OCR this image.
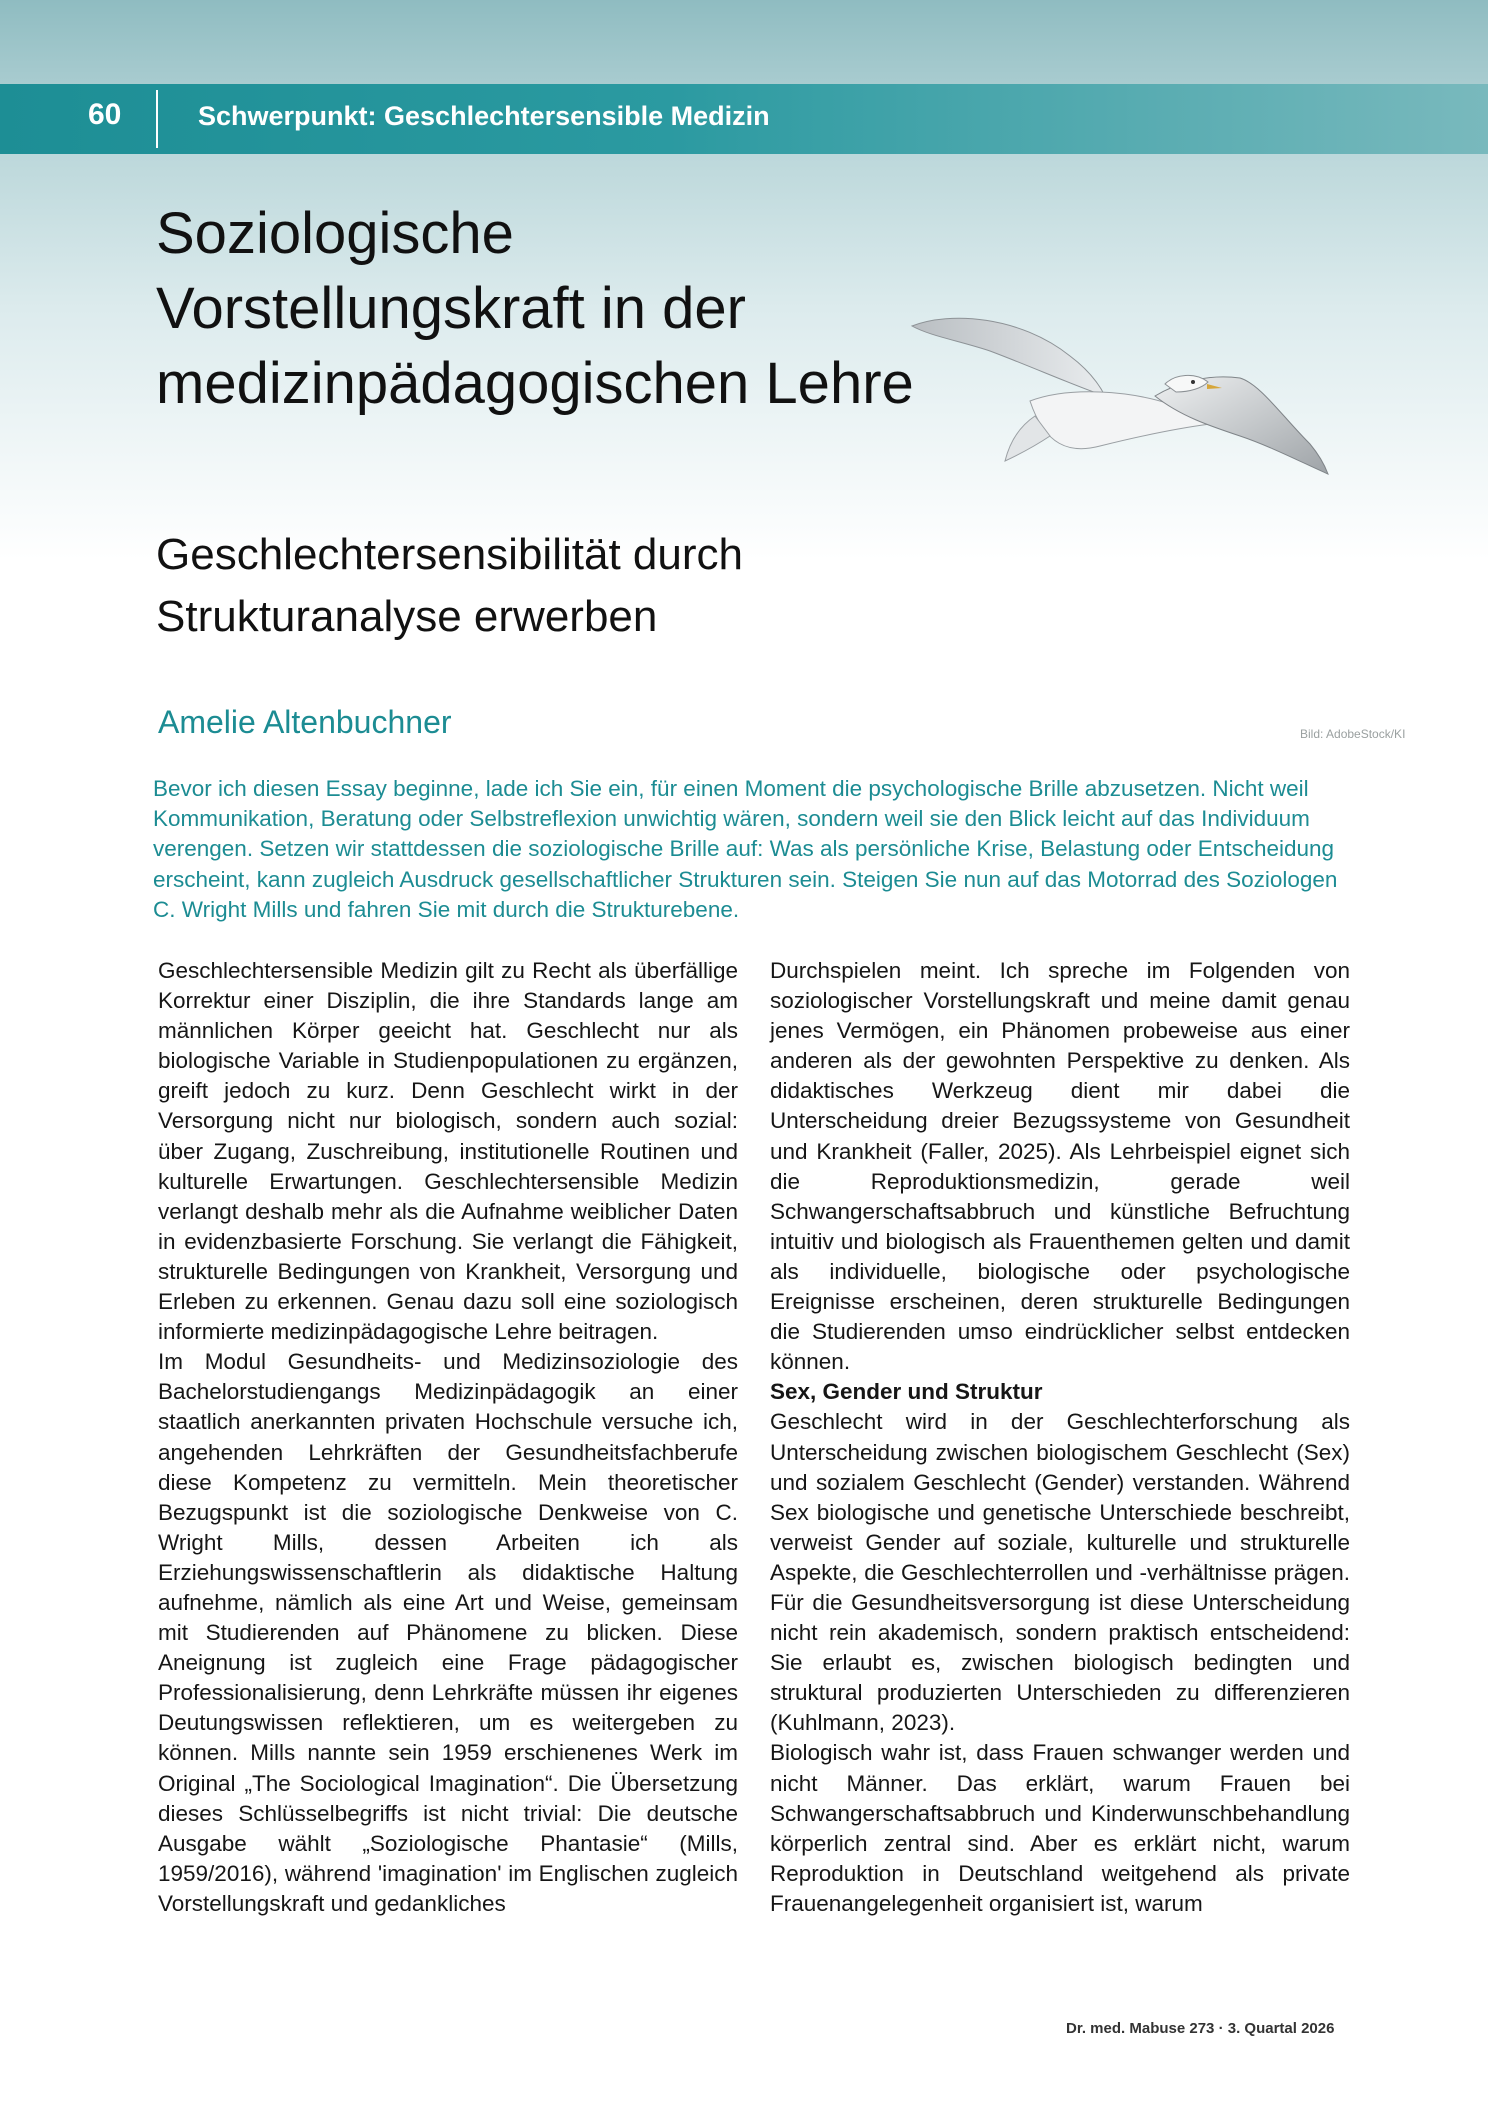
60	Schwerpunkt: Geschlechtersensible Medizin
Soziologische Vorstellungskraft in der medizinpädagogischen Lehre
Geschlechtersensibilität durch Strukturanalyse erwerben
Amelie Altenbuchner	Bild: AdobeStock/KI

Bevor ich diesen Essay beginne, lade ich Sie ein, für einen Moment die psychologische Brille abzusetzen. Nicht weil Kommunikation, Beratung oder Selbstreflexion unwichtig wären, sondern weil sie den Blick leicht auf das Individuum verengen. Setzen wir stattdessen die soziologische Brille auf: Was als persönliche Krise, Belastung oder Entscheidung erscheint, kann zugleich Ausdruck gesellschaftlicher Strukturen sein. Steigen Sie nun auf das Motorrad des Soziologen C. Wright Mills und fahren Sie mit durch die Strukturebene.

Geschlechtersensible Medizin gilt zu Recht als überfällige Korrektur einer Disziplin, die ihre Standards lange am männlichen Körper geeicht hat. Geschlecht nur als biologische Variable in Studienpopulationen zu ergänzen, greift jedoch zu kurz. Denn Geschlecht wirkt in der Versorgung nicht nur biologisch, sondern auch sozial: über Zugang, Zuschreibung, institutionelle Routinen und kulturelle Erwartungen. Geschlechtersensible Medizin verlangt deshalb mehr als die Aufnahme weiblicher Daten in evidenzbasierte Forschung. Sie verlangt die Fähigkeit, strukturelle Bedingungen von Krankheit, Versorgung und Erleben zu erkennen. Genau dazu soll eine soziologisch informierte medizinpädagogische Lehre beitragen.

Im Modul Gesundheits- und Medizinsoziologie des Bachelorstudiengangs Medizinpädagogik an einer staatlich anerkannten privaten Hochschule versuche ich, angehenden Lehrkräften der Gesundheitsfachberufe diese Kompetenz zu vermitteln. Mein theoretischer Bezugspunkt ist die soziologische Denkweise von C. Wright Mills, dessen Arbeiten ich als Erziehungswissenschaftlerin als didaktische Haltung aufnehme, nämlich als eine Art und Weise, gemeinsam mit Studierenden auf Phänomene zu blicken. Diese Aneignung ist zugleich eine Frage pädagogischer Professionalisierung, denn Lehrkräfte müssen ihr eigenes Deutungswissen reflektieren, um es weitergeben zu können. Mills nannte sein 1959 erschienenes Werk im Original „The Sociological Imagination“. Die Übersetzung dieses Schlüsselbegriffs ist nicht trivial: Die deutsche Ausgabe wählt „Soziologische Phantasie“ (Mills, 1959/2016), während 'imagination' im Englischen zugleich Vorstellungskraft und gedankliches

Durchspielen meint. Ich spreche im Folgenden von soziologischer Vorstellungskraft und meine damit genau jenes Vermögen, ein Phänomen probeweise aus einer anderen als der gewohnten Perspektive zu denken. Als didaktisches Werkzeug dient mir dabei die Unterscheidung dreier Bezugssysteme von Gesundheit und Krankheit (Faller, 2025). Als Lehrbeispiel eignet sich die Reproduktionsmedizin, gerade weil Schwangerschaftsabbruch und künstliche Befruchtung intuitiv und biologisch als Frauenthemen gelten und damit als individuelle, biologische oder psychologische Ereignisse erscheinen, deren strukturelle Bedingungen die Studierenden umso eindrücklicher selbst entdecken können.

Sex, Gender und Struktur

Geschlecht wird in der Geschlechterforschung als Unterscheidung zwischen biologischem Geschlecht (Sex) und sozialem Geschlecht (Gender) verstanden. Während Sex biologische und genetische Unterschiede beschreibt, verweist Gender auf soziale, kulturelle und strukturelle Aspekte, die Geschlechterrollen und -verhältnisse prägen. Für die Gesundheitsversorgung ist diese Unterscheidung nicht rein akademisch, sondern praktisch entscheidend: Sie erlaubt es, zwischen biologisch bedingten und struktural produzierten Unterschieden zu differenzieren (Kuhlmann, 2023).

Biologisch wahr ist, dass Frauen schwanger werden und nicht Männer. Das erklärt, warum Frauen bei Schwangerschaftsabbruch und Kinderwunschbehandlung körperlich zentral sind. Aber es erklärt nicht, warum Reproduktion in Deutschland weitgehend als private Frauenangelegenheit organisiert ist, warum

Dr. med. Mabuse 273 · 3. Quartal 2026
